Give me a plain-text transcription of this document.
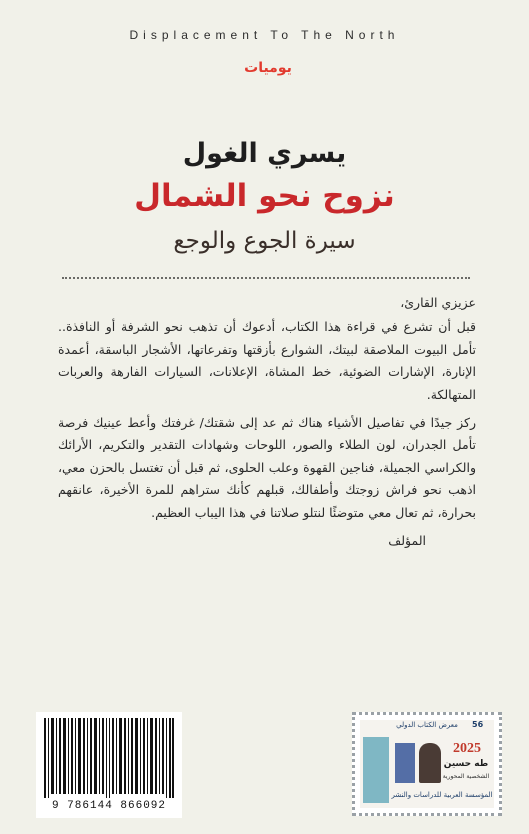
Displacement To The North
يوميات
يسري الغول
نزوح نحو الشمال
سيرة الجوع والوجع

عزيزي القارئ،

قبل أن تشرع في قراءة هذا الكتاب، أدعوك أن تذهب نحو الشرفة أو النافذة.. تأمل البيوت الملاصقة لبيتك، الشوارع بأزقتها وتفرعاتها، الأشجار الباسقة، أعمدة الإنارة، الإشارات الضوئية، خط المشاة، الإعلانات، السيارات الفارهة والعربات المتهالكة.

ركز جيدًا في تفاصيل الأشياء هناك ثم عد إلى شقتك/ غرفتك وأعط عينيك فرصة تأمل الجدران، لون الطلاء والصور، اللوحات وشهادات التقدير والتكريم، الأرائك والكراسي الجميلة، فناجين القهوة وعلب الحلوى، ثم قبل أن تغتسل بالحزن معي، اذهب نحو فراش زوجتك وأطفالك، قبلهم كأنك ستراهم للمرة الأخيرة، عانقهم بحرارة، ثم تعال معي متوضئًا لنتلو صلاتنا في هذا اليباب العظيم.

المؤلف

9 786144 866092
معرض الكتاب الدولي	56
2025
طه حسين
الشخصية المحورية
المؤسسة العربية للدراسات والنشر
